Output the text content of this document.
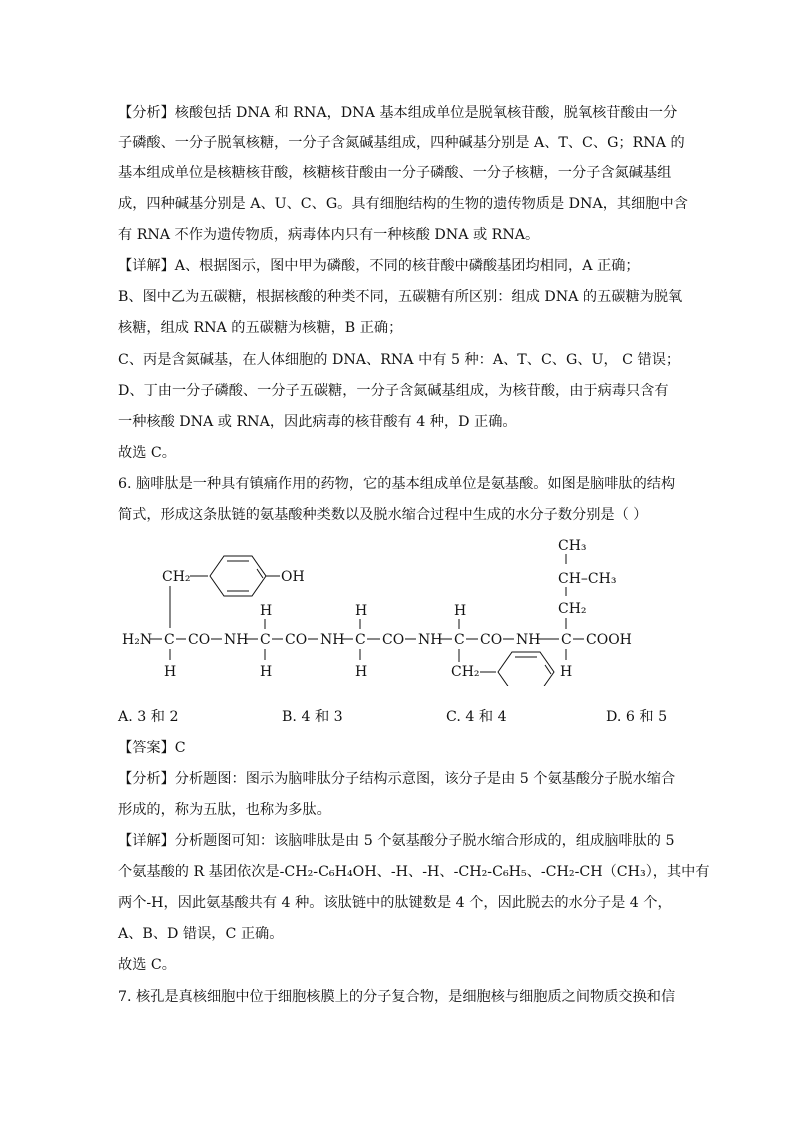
【分析】核酸包括 DNA 和 RNA，DNA 基本组成单位是脱氧核苷酸，脱氧核苷酸由一分
子磷酸、一分子脱氧核糖，一分子含氮碱基组成，四种碱基分别是 A、T、C、G；RNA 的
基本组成单位是核糖核苷酸，核糖核苷酸由一分子磷酸、一分子核糖，一分子含氮碱基组
成，四种碱基分别是 A、U、C、G。具有细胞结构的生物的遗传物质是 DNA，其细胞中含
有 RNA 不作为遗传物质，病毒体内只有一种核酸 DNA 或 RNA。
【详解】A、根据图示，图中甲为磷酸，不同的核苷酸中磷酸基团均相同，A 正确；
B、图中乙为五碳糖，根据核酸的种类不同，五碳糖有所区别：组成 DNA 的五碳糖为脱氧
核糖，组成 RNA 的五碳糖为核糖，B 正确；
C、丙是含氮碱基，在人体细胞的 DNA、RNA 中有 5 种：A、T、C、G、U， C 错误；
D、丁由一分子磷酸、一分子五碳糖，一分子含氮碱基组成，为核苷酸，由于病毒只含有
一种核酸 DNA 或 RNA，因此病毒的核苷酸有 4 种，D 正确。
故选 C。
6. 脑啡肽是一种具有镇痛作用的药物，它的基本组成单位是氨基酸。如图是脑啡肽的结构
简式，形成这条肽链的氨基酸种类数以及脱水缩合过程中生成的水分子数分别是（ ）
CH₂	OH
H	H	H
CH₃
CH–CH₃
CH₂
H₂N C CO NH C CO NH C CO NH C CO NH C COOH
H	H	H	CH₂	H
A. 3 和 2	B. 4 和 3	C. 4 和 4	D. 6 和 5
【答案】C
【分析】分析题图：图示为脑啡肽分子结构示意图，该分子是由 5 个氨基酸分子脱水缩合
形成的，称为五肽，也称为多肽。
【详解】分析题图可知：该脑啡肽是由 5 个氨基酸分子脱水缩合形成的，组成脑啡肽的 5
个氨基酸的 R 基团依次是-CH₂-C₆H₄OH、-H、-H、-CH₂-C₆H₅、-CH₂-CH（CH₃），其中有
两个-H，因此氨基酸共有 4 种。该肽链中的肽键数是 4 个，因此脱去的水分子是 4 个，
A、B、D 错误，C 正确。
故选 C。
7. 核孔是真核细胞中位于细胞核膜上的分子复合物，是细胞核与细胞质之间物质交换和信
